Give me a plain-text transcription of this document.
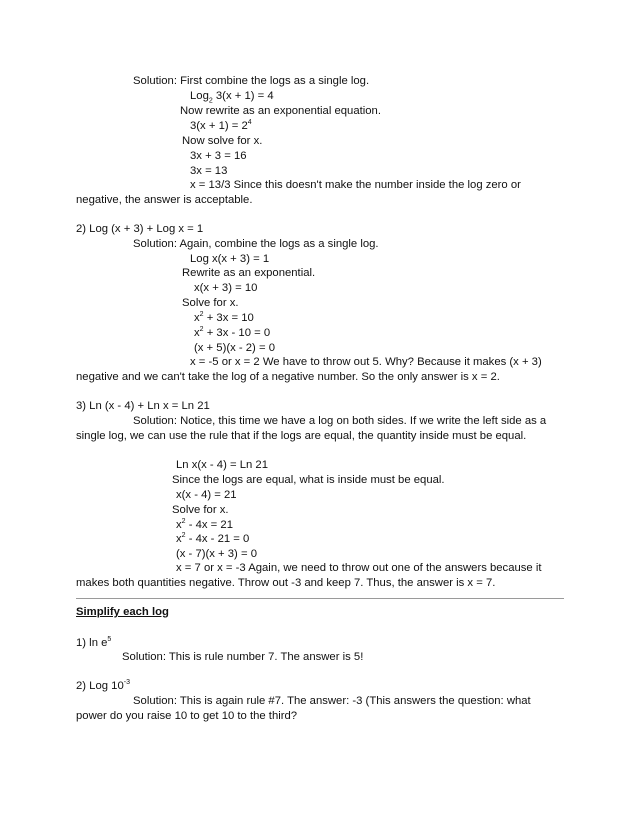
Solution: First combine the logs as a single log.
Log$_2$ 3(x + 1) = 4
Now rewrite as an exponential equation.
$3(x + 1) = 2^4$
Now solve for x.
3x + 3 = 16
3x = 13
x = 13/3 Since this doesn't make the number inside the log zero or negative, the answer is acceptable.
2) Log (x + 3) + Log x = 1
Solution: Again, combine the logs as a single log.
Log x(x + 3) = 1
Rewrite as an exponential.
x(x + 3) = 10
Solve for x.
$x^2 + 3x = 10$
$x^2 + 3x - 10 = 0$
(x + 5)(x - 2) = 0
x = -5 or x = 2 We have to throw out 5. Why? Because it makes (x + 3) negative and we can't take the log of a negative number. So the only answer is x = 2.
3) Ln (x - 4) + Ln x = Ln 21
Solution: Notice, this time we have a log on both sides. If we write the left side as a single log, we can use the rule that if the logs are equal, the quantity inside must be equal.
Ln x(x - 4) = Ln 21
Since the logs are equal, what is inside must be equal.
x(x - 4) = 21
Solve for x.
$x^2 - 4x = 21$
$x^2 - 4x - 21 = 0$
(x - 7)(x + 3) = 0
x = 7 or x = -3 Again, we need to throw out one of the answers because it makes both quantities negative. Throw out -3 and keep 7. Thus, the answer is x = 7.
Simplify each log
1) $\ln e^5$
Solution: This is rule number 7. The answer is 5!
2) Log $10^{-3}$
Solution: This is again rule #7. The answer: -3 (This answers the question: what power do you raise 10 to get 10 to the third?
